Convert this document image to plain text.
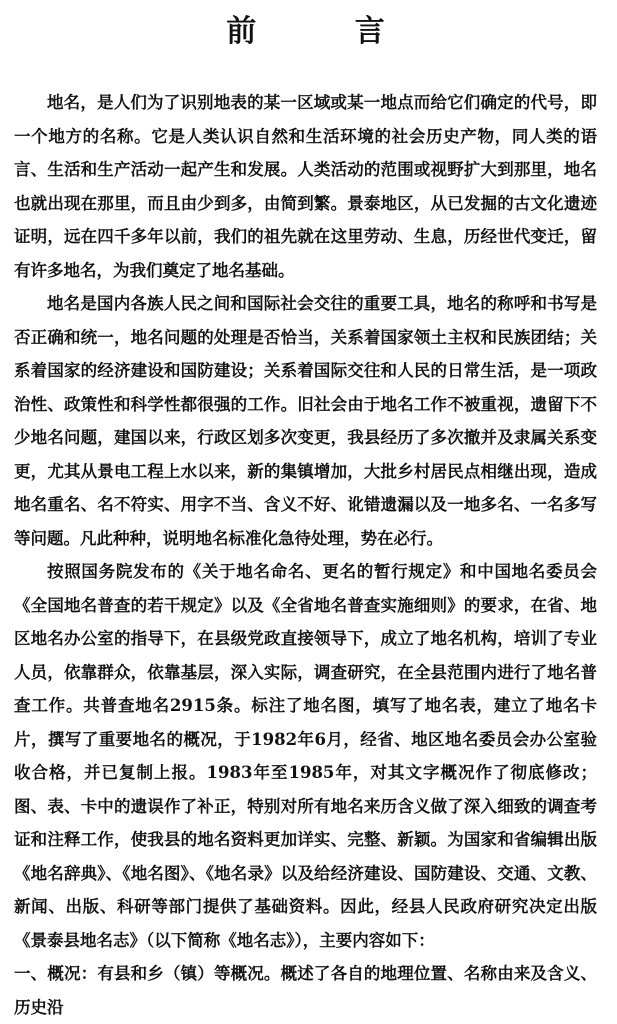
前 言

地名，是人们为了识别地表的某一区域或某一地点而给它们确定的代号，即一个地方的名称。它是人类认识自然和生活环境的社会历史产物，同人类的语言、生活和生产活动一起产生和发展。人类活动的范围或视野扩大到那里，地名也就出现在那里，而且由少到多，由简到繁。景泰地区，从已发掘的古文化遗迹证明，远在四千多年以前，我们的祖先就在这里劳动、生息，历经世代变迁，留有许多地名，为我们奠定了地名基础。

地名是国内各族人民之间和国际社会交往的重要工具，地名的称呼和书写是否正确和统一，地名问题的处理是否恰当，关系着国家领土主权和民族团结；关系着国家的经济建设和国防建设；关系着国际交往和人民的日常生活，是一项政治性、政策性和科学性都很强的工作。旧社会由于地名工作不被重视，遗留下不少地名问题，建国以来，行政区划多次变更，我县经历了多次撤并及隶属关系变更，尤其从景电工程上水以来，新的集镇增加，大批乡村居民点相继出现，造成地名重名、名不符实、用字不当、含义不好、讹错遗漏以及一地多名、一名多写等问题。凡此种种，说明地名标准化急待处理，势在必行。

按照国务院发布的《关于地名命名、更名的暂行规定》和中国地名委员会《全国地名普查的若干规定》以及《全省地名普查实施细则》的要求，在省、地区地名办公室的指导下，在县级党政直接领导下，成立了地名机构，培训了专业人员，依靠群众，依靠基层，深入实际，调查研究，在全县范围内进行了地名普查工作。共普查地名2915条。标注了地名图，填写了地名表，建立了地名卡片，撰写了重要地名的概况，于1982年6月，经省、地区地名委员会办公室验收合格，并已复制上报。1983年至1985年，对其文字概况作了彻底修改；图、表、卡中的遗误作了补正，特别对所有地名来历含义做了深入细致的调查考证和注释工作，使我县的地名资料更加详实、完整、新颖。为国家和省编辑出版《地名辞典》、《地名图》、《地名录》以及给经济建设、国防建设、交通、文教、新闻、出版、科研等部门提供了基础资料。因此，经县人民政府研究决定出版《景泰县地名志》（以下简称《地名志》），主要内容如下：

一、概况：有县和乡（镇）等概况。概述了各自的地理位置、名称由来及含义、历史沿
